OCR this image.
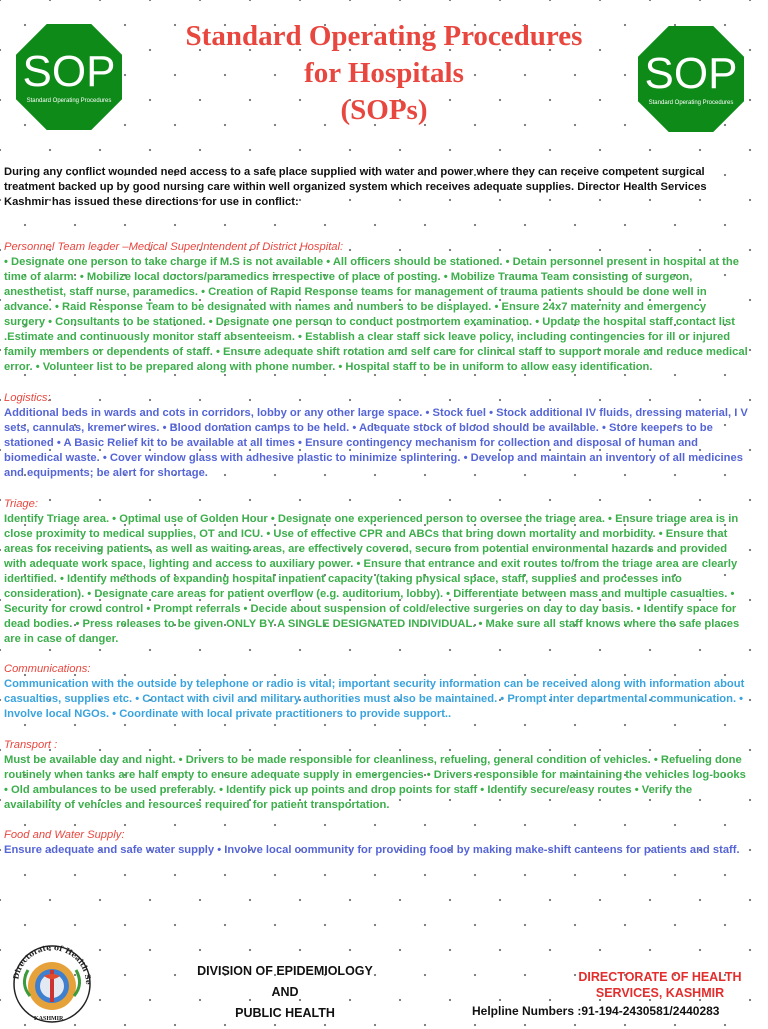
SOP
Standard Operating Procedures
SOP
Standard Operating Procedures
Standard Operating Procedures
for Hospitals
(SOPs)
During any conflict wounded need access to a safe place supplied with water and power where they can receive competent surgical treatment backed up by good nursing care within well organized system which receives adequate supplies. Director Health Services Kashmir has issued these directions for use in conflict:
Personnel Team leader –Medical SuperIntendent of District Hospital:
• Designate one person to take charge if M.S is not available • All officers should be stationed. • Detain personnel present in hospital at the time of alarm. • Mobilize local doctors/paramedics irrespective of place of posting. • Mobilize Trauma Team consisting of surgeon, anesthetist, staff nurse, paramedics. • Creation of Rapid Response teams for management of trauma patients should be done well in advance. • Raid Response Team to be designated with names and numbers to be displayed. • Ensure 24x7 maternity and emergency surgery • Consultants to be stationed. • Designate one person to conduct postmortem examination. • Update the hospital staff contact list .Estimate and continuously monitor staff absenteeism. • Establish a clear staff sick leave policy, including contingencies for ill or injured family members or dependents of staff. • Ensure adequate shift rotation and self care for clinical staff to support morale and reduce medical error. • Volunteer list to be prepared along with phone number. • Hospital staff to be in uniform to allow easy identification.
Logistics:
Additional beds in wards and cots in corridors, lobby or any other large space. • Stock fuel • Stock additional IV fluids, dressing material, I V sets, cannulas, kremer wires. • Blood donation camps to be held. • Adequate stock of blood should be available. • Store keepers to be stationed • A Basic Relief kit to be available at all times • Ensure contingency mechanism for collection and disposal of human and biomedical waste. • Cover window glass with adhesive plastic to minimize splintering. • Develop and maintain an inventory of all medicines and equipments; be alert for shortage.
Triage:
Identify Triage area. • Optimal use of Golden Hour • Designate one experienced person to oversee the triage area. • Ensure triage area is in close proximity to medical supplies, OT and ICU. • Use of effective CPR and ABCs that bring down mortality and morbidity. • Ensure that areas for receiving patients, as well as waiting areas, are effectively covered, secure from potential environmental hazards and provided with adequate work space, lighting and access to auxiliary power. • Ensure that entrance and exit routes to/from the triage area are clearly identified. • Identify methods of expanding hospital inpatient capacity (taking physical space, staff, supplies and processes into consideration). • Designate care areas for patient overflow (e.g. auditorium, lobby). • Differentiate between mass and multiple casualties. • Security for crowd control • Prompt referrals • Decide about suspension of cold/elective surgeries on day to day basis. • Identify space for dead bodies. • Press releases to be given ONLY BY A SINGLE DESIGNATED INDIVIDUAL. • Make sure all staff knows where the safe places are in case of danger.
Communications:
Communication with the outside by telephone or radio is vital; important security information can be received along with information about casualties, supplies etc. • Contact with civil and military authorities must also be maintained. • Prompt inter departmental communication. • Involve local NGOs. • Coordinate with local private practitioners to provide support..
Transport :
Must be available day and night. • Drivers to be made responsible for cleanliness, refueling, general condition of vehicles. • Refueling done routinely when tanks are half empty to ensure adequate supply in emergencies • Drivers responsible for maintaining the vehicles log-books • Old ambulances to be used preferably. • Identify pick up points and drop points for staff • Identify secure/easy routes • Verify the availability of vehicles and resources required for patient transportation.
Food and Water Supply:
Ensure adequate and safe water supply • Involve local community for providing food by making make-shift canteens for patients and staff.
Directorate of Health Se
KASHMIR
DIVISION OF EPIDEMIOLOGY
AND
PUBLIC HEALTH
DIRECTORATE OF HEALTH
SERVICES, KASHMIR
Helpline Numbers :91-194-2430581/2440283
